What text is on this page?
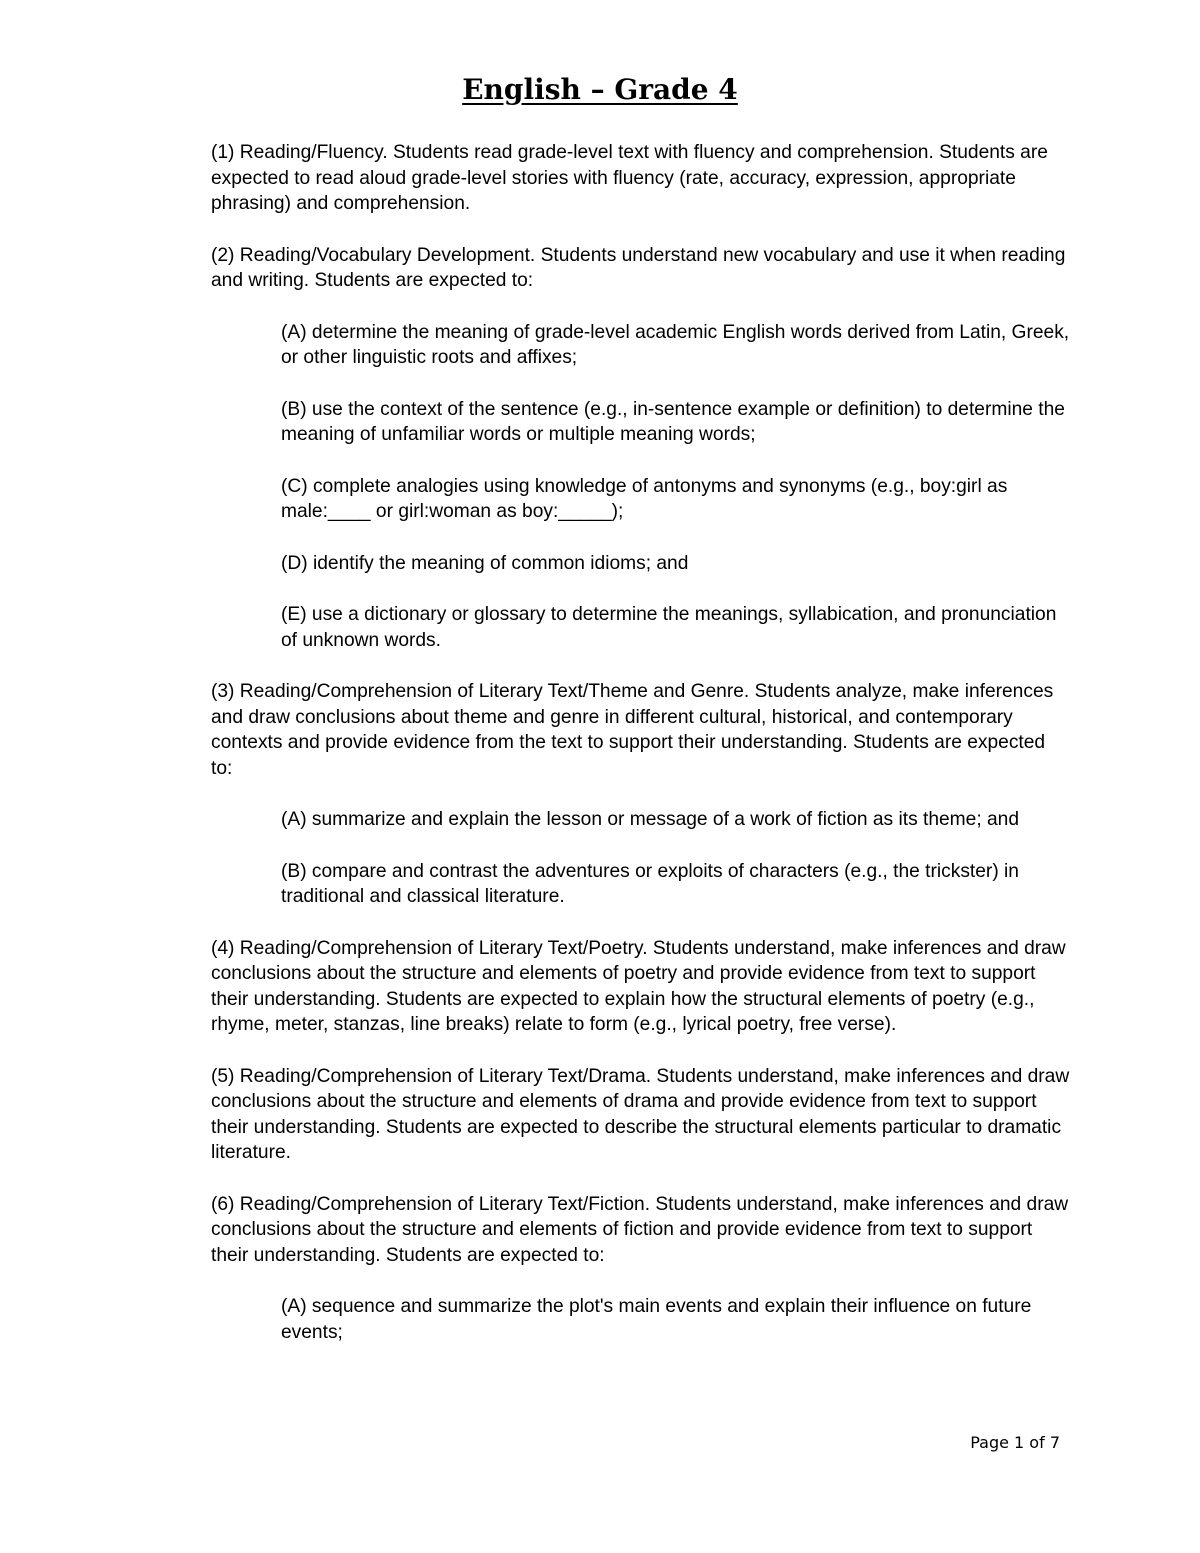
English – Grade 4

(1) Reading/Fluency. Students read grade-level text with fluency and comprehension. Students are expected to read aloud grade-level stories with fluency (rate, accuracy, expression, appropriate phrasing) and comprehension.

(2) Reading/Vocabulary Development. Students understand new vocabulary and use it when reading and writing. Students are expected to:

(A) determine the meaning of grade-level academic English words derived from Latin, Greek, or other linguistic roots and affixes;

(B) use the context of the sentence (e.g., in-sentence example or definition) to determine the meaning of unfamiliar words or multiple meaning words;

(C) complete analogies using knowledge of antonyms and synonyms (e.g., boy:girl as male:____ or girl:woman as boy:_____);

(D) identify the meaning of common idioms; and

(E) use a dictionary or glossary to determine the meanings, syllabication, and pronunciation of unknown words.

(3) Reading/Comprehension of Literary Text/Theme and Genre. Students analyze, make inferences and draw conclusions about theme and genre in different cultural, historical, and contemporary contexts and provide evidence from the text to support their understanding. Students are expected to:

(A) summarize and explain the lesson or message of a work of fiction as its theme; and

(B) compare and contrast the adventures or exploits of characters (e.g., the trickster) in traditional and classical literature.

(4) Reading/Comprehension of Literary Text/Poetry. Students understand, make inferences and draw conclusions about the structure and elements of poetry and provide evidence from text to support their understanding. Students are expected to explain how the structural elements of poetry (e.g., rhyme, meter, stanzas, line breaks) relate to form (e.g., lyrical poetry, free verse).

(5) Reading/Comprehension of Literary Text/Drama. Students understand, make inferences and draw conclusions about the structure and elements of drama and provide evidence from text to support their understanding. Students are expected to describe the structural elements particular to dramatic literature.

(6) Reading/Comprehension of Literary Text/Fiction. Students understand, make inferences and draw conclusions about the structure and elements of fiction and provide evidence from text to support their understanding. Students are expected to:

(A) sequence and summarize the plot's main events and explain their influence on future events;

Page 1 of 7
